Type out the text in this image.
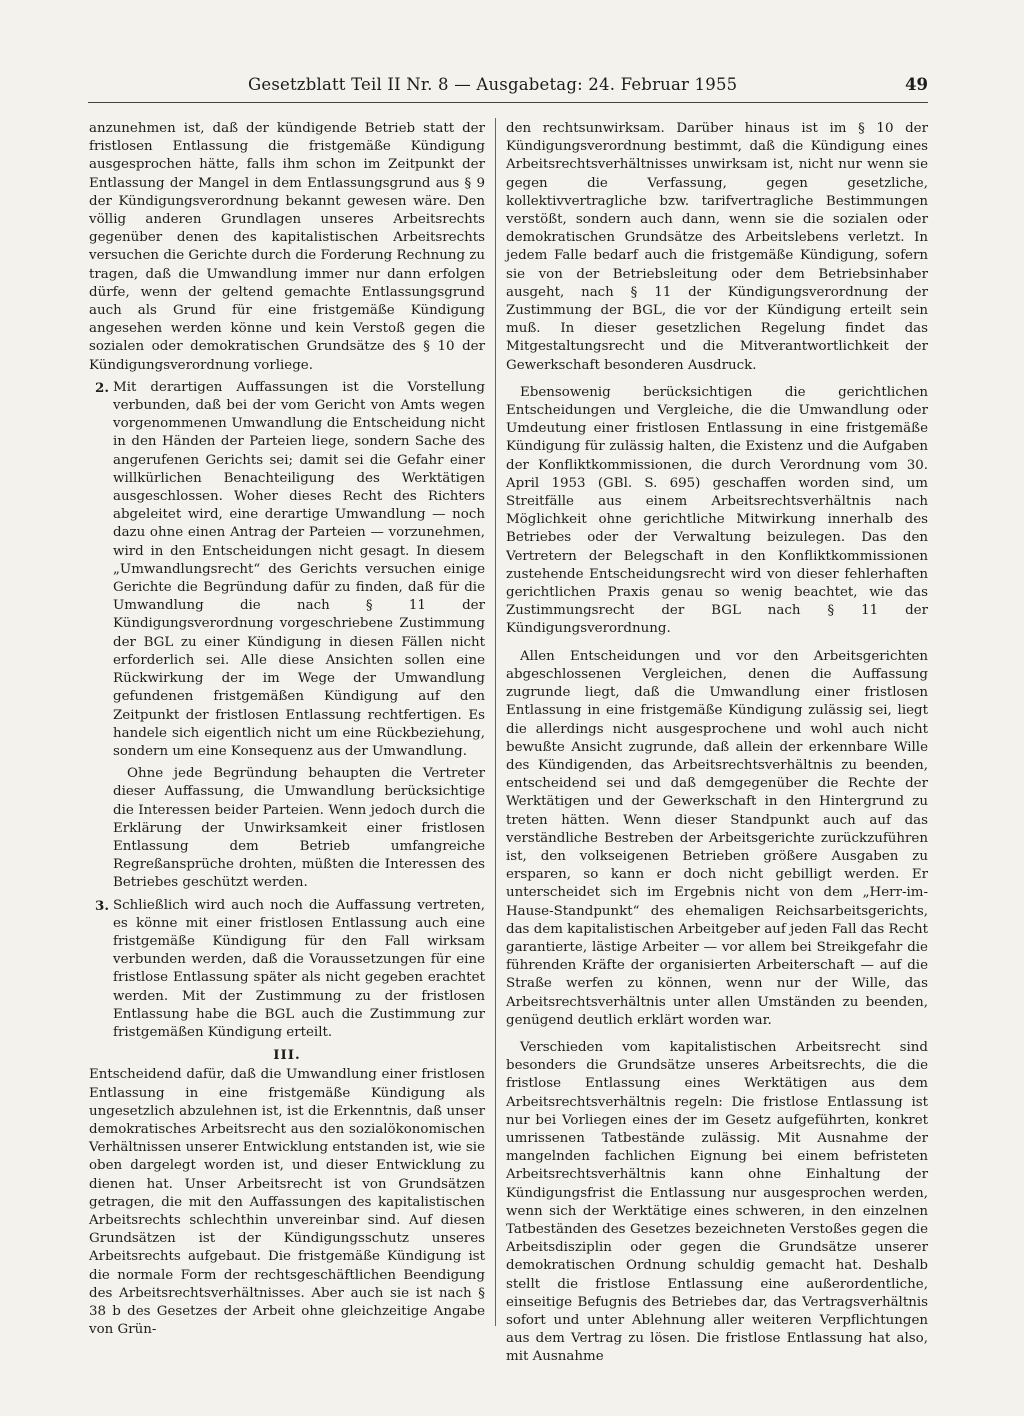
Gesetzblatt Teil II Nr. 8 — Ausgabetag: 24. Februar 1955	49

anzunehmen ist, daß der kündigende Betrieb statt der fristlosen Entlassung die fristgemäße Kündigung ausgesprochen hätte, falls ihm schon im Zeitpunkt der Entlassung der Mangel in dem Entlassungsgrund aus § 9 der Kündigungsverordnung bekannt gewesen wäre. Den völlig anderen Grundlagen unseres Arbeitsrechts gegenüber denen des kapitalistischen Arbeitsrechts versuchen die Gerichte durch die Forderung Rechnung zu tragen, daß die Umwandlung immer nur dann erfolgen dürfe, wenn der geltend gemachte Entlassungsgrund auch als Grund für eine fristgemäße Kündigung angesehen werden könne und kein Verstoß gegen die sozialen oder demokratischen Grundsätze des § 10 der Kündigungsverordnung vorliege.

2. Mit derartigen Auffassungen ist die Vorstellung verbunden, daß bei der vom Gericht von Amts wegen vorgenommenen Umwandlung die Entscheidung nicht in den Händen der Parteien liege, sondern Sache des angerufenen Gerichts sei; damit sei die Gefahr einer willkürlichen Benachteiligung des Werktätigen ausgeschlossen. Woher dieses Recht des Richters abgeleitet wird, eine derartige Umwandlung — noch dazu ohne einen Antrag der Parteien — vorzunehmen, wird in den Entscheidungen nicht gesagt. In diesem „Umwandlungsrecht“ des Gerichts versuchen einige Gerichte die Begründung dafür zu finden, daß für die Umwandlung die nach § 11 der Kündigungsverordnung vorgeschriebene Zustimmung der BGL zu einer Kündigung in diesen Fällen nicht erforderlich sei. Alle diese Ansichten sollen eine Rückwirkung der im Wege der Umwandlung gefundenen fristgemäßen Kündigung auf den Zeitpunkt der fristlosen Entlassung rechtfertigen. Es handele sich eigentlich nicht um eine Rückbeziehung, sondern um eine Konsequenz aus der Umwandlung.

Ohne jede Begründung behaupten die Vertreter dieser Auffassung, die Umwandlung berücksichtige die Interessen beider Parteien. Wenn jedoch durch die Erklärung der Unwirksamkeit einer fristlosen Entlassung dem Betrieb umfangreiche Regreßansprüche drohten, müßten die Interessen des Betriebes geschützt werden.

3. Schließlich wird auch noch die Auffassung vertreten, es könne mit einer fristlosen Entlassung auch eine fristgemäße Kündigung für den Fall wirksam verbunden werden, daß die Voraussetzungen für eine fristlose Entlassung später als nicht gegeben erachtet werden. Mit der Zustimmung zu der fristlosen Entlassung habe die BGL auch die Zustimmung zur fristgemäßen Kündigung erteilt.

III.

Entscheidend dafür, daß die Umwandlung einer fristlosen Entlassung in eine fristgemäße Kündigung als ungesetzlich abzulehnen ist, ist die Erkenntnis, daß unser demokratisches Arbeitsrecht aus den sozialökonomischen Verhältnissen unserer Entwicklung entstanden ist, wie sie oben dargelegt worden ist, und dieser Entwicklung zu dienen hat. Unser Arbeitsrecht ist von Grundsätzen getragen, die mit den Auffassungen des kapitalistischen Arbeitsrechts schlechthin unvereinbar sind. Auf diesen Grundsätzen ist der Kündigungsschutz unseres Arbeitsrechts aufgebaut. Die fristgemäße Kündigung ist die normale Form der rechtsgeschäftlichen Beendigung des Arbeitsrechtsverhältnisses. Aber auch sie ist nach § 38 b des Gesetzes der Arbeit ohne gleichzeitige Angabe von Grün-

den rechtsunwirksam. Darüber hinaus ist im § 10 der Kündigungsverordnung bestimmt, daß die Kündigung eines Arbeitsrechtsverhältnisses unwirksam ist, nicht nur wenn sie gegen die Verfassung, gegen gesetzliche, kollektivvertragliche bzw. tarifvertragliche Bestimmungen verstößt, sondern auch dann, wenn sie die sozialen oder demokratischen Grundsätze des Arbeitslebens verletzt. In jedem Falle bedarf auch die fristgemäße Kündigung, sofern sie von der Betriebsleitung oder dem Betriebsinhaber ausgeht, nach § 11 der Kündigungsverordnung der Zustimmung der BGL, die vor der Kündigung erteilt sein muß. In dieser gesetzlichen Regelung findet das Mitgestaltungsrecht und die Mitverantwortlichkeit der Gewerkschaft besonderen Ausdruck.

Ebensowenig berücksichtigen die gerichtlichen Entscheidungen und Vergleiche, die die Umwandlung oder Umdeutung einer fristlosen Entlassung in eine fristgemäße Kündigung für zulässig halten, die Existenz und die Aufgaben der Konfliktkommissionen, die durch Verordnung vom 30. April 1953 (GBl. S. 695) geschaffen worden sind, um Streitfälle aus einem Arbeitsrechtsverhältnis nach Möglichkeit ohne gerichtliche Mitwirkung innerhalb des Betriebes oder der Verwaltung beizulegen. Das den Vertretern der Belegschaft in den Konfliktkommissionen zustehende Entscheidungsrecht wird von dieser fehlerhaften gerichtlichen Praxis genau so wenig beachtet, wie das Zustimmungsrecht der BGL nach § 11 der Kündigungsverordnung.

Allen Entscheidungen und vor den Arbeitsgerichten abgeschlossenen Vergleichen, denen die Auffassung zugrunde liegt, daß die Umwandlung einer fristlosen Entlassung in eine fristgemäße Kündigung zulässig sei, liegt die allerdings nicht ausgesprochene und wohl auch nicht bewußte Ansicht zugrunde, daß allein der erkennbare Wille des Kündigenden, das Arbeitsrechtsverhältnis zu beenden, entscheidend sei und daß demgegenüber die Rechte der Werktätigen und der Gewerkschaft in den Hintergrund zu treten hätten. Wenn dieser Standpunkt auch auf das verständliche Bestreben der Arbeitsgerichte zurückzuführen ist, den volkseigenen Betrieben größere Ausgaben zu ersparen, so kann er doch nicht gebilligt werden. Er unterscheidet sich im Ergebnis nicht von dem „Herr-im-Hause-Standpunkt“ des ehemaligen Reichsarbeitsgerichts, das dem kapitalistischen Arbeitgeber auf jeden Fall das Recht garantierte, lästige Arbeiter — vor allem bei Streikgefahr die führenden Kräfte der organisierten Arbeiterschaft — auf die Straße werfen zu können, wenn nur der Wille, das Arbeitsrechtsverhältnis unter allen Umständen zu beenden, genügend deutlich erklärt worden war.

Verschieden vom kapitalistischen Arbeitsrecht sind besonders die Grundsätze unseres Arbeitsrechts, die die fristlose Entlassung eines Werktätigen aus dem Arbeitsrechtsverhältnis regeln: Die fristlose Entlassung ist nur bei Vorliegen eines der im Gesetz aufgeführten, konkret umrissenen Tatbestände zulässig. Mit Ausnahme der mangelnden fachlichen Eignung bei einem befristeten Arbeitsrechtsverhältnis kann ohne Einhaltung der Kündigungsfrist die Entlassung nur ausgesprochen werden, wenn sich der Werktätige eines schweren, in den einzelnen Tatbeständen des Gesetzes bezeichneten Verstoßes gegen die Arbeitsdisziplin oder gegen die Grundsätze unserer demokratischen Ordnung schuldig gemacht hat. Deshalb stellt die fristlose Entlassung eine außerordentliche, einseitige Befugnis des Betriebes dar, das Vertragsverhältnis sofort und unter Ablehnung aller weiteren Verpflichtungen aus dem Vertrag zu lösen. Die fristlose Entlassung hat also, mit Ausnahme
